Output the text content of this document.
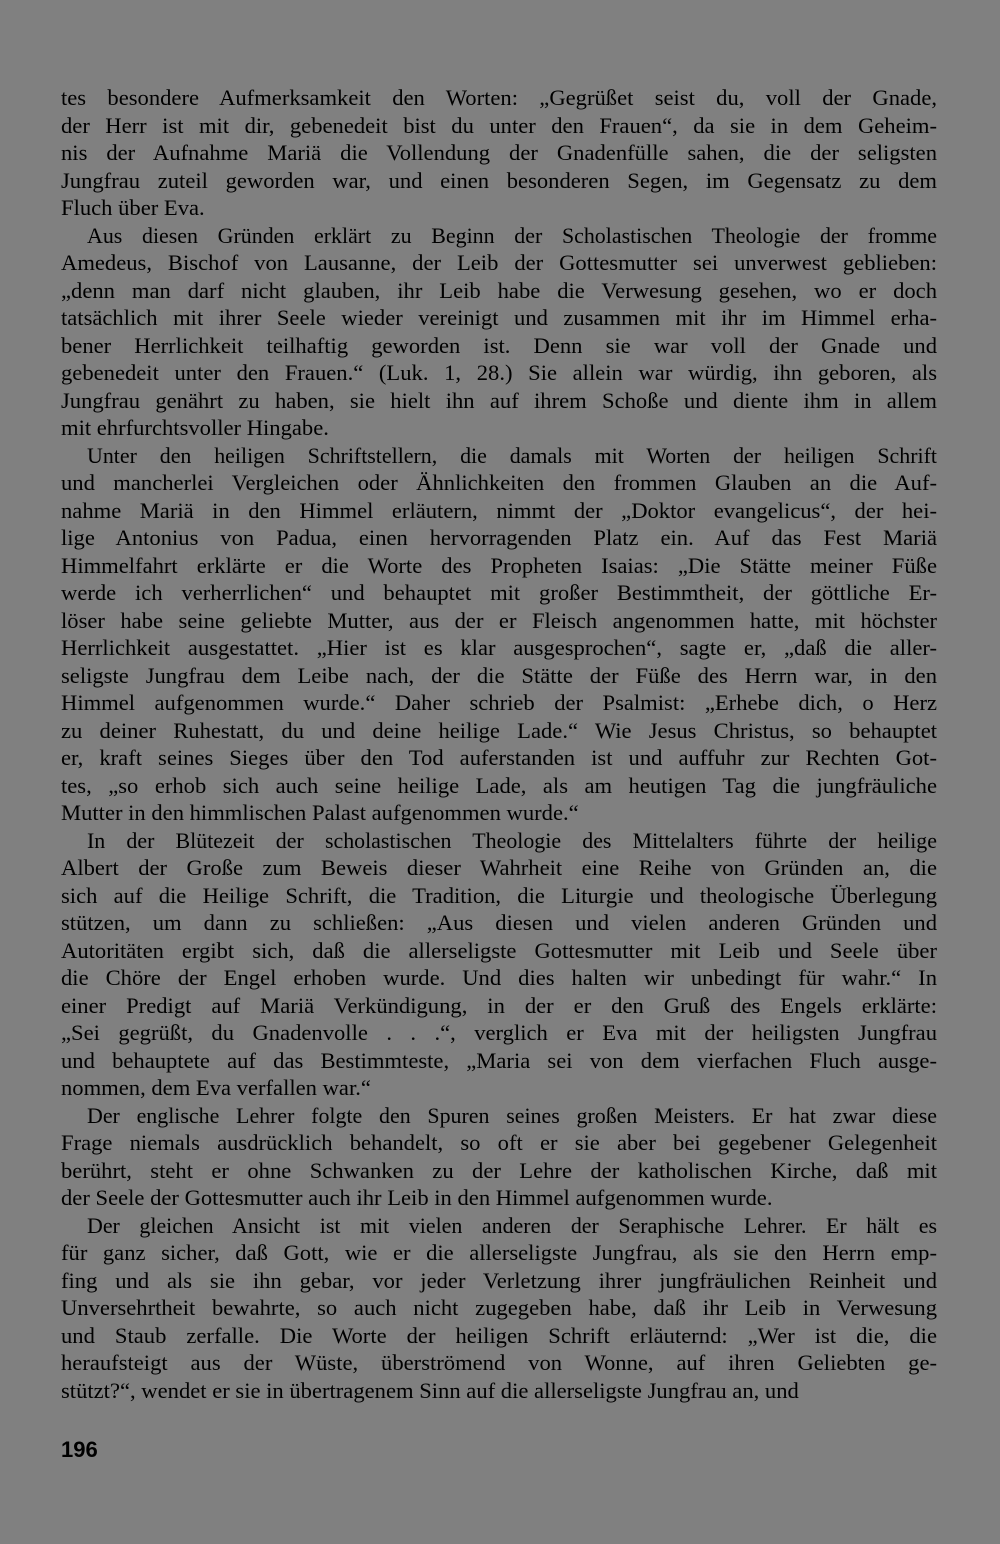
tes besondere Aufmerksamkeit den Worten: „Gegrüßet seist du, voll der Gnade,
der Herr ist mit dir, gebenedeit bist du unter den Frauen“, da sie in dem Geheim-
nis der Aufnahme Mariä die Vollendung der Gnadenfülle sahen, die der seligsten
Jungfrau zuteil geworden war, und einen besonderen Segen, im Gegensatz zu dem
Fluch über Eva.
Aus diesen Gründen erklärt zu Beginn der Scholastischen Theologie der fromme
Amedeus, Bischof von Lausanne, der Leib der Gottesmutter sei unverwest geblieben:
„denn man darf nicht glauben, ihr Leib habe die Verwesung gesehen, wo er doch
tatsächlich mit ihrer Seele wieder vereinigt und zusammen mit ihr im Himmel erha-
bener Herrlichkeit teilhaftig geworden ist. Denn sie war voll der Gnade und
gebenedeit unter den Frauen.“ (Luk. 1, 28.) Sie allein war würdig, ihn geboren, als
Jungfrau genährt zu haben, sie hielt ihn auf ihrem Schoße und diente ihm in allem
mit ehrfurchtsvoller Hingabe.
Unter den heiligen Schriftstellern, die damals mit Worten der heiligen Schrift
und mancherlei Vergleichen oder Ähnlichkeiten den frommen Glauben an die Auf-
nahme Mariä in den Himmel erläutern, nimmt der „Doktor evangelicus“, der hei-
lige Antonius von Padua, einen hervorragenden Platz ein. Auf das Fest Mariä
Himmelfahrt erklärte er die Worte des Propheten Isaias: „Die Stätte meiner Füße
werde ich verherrlichen“ und behauptet mit großer Bestimmtheit, der göttliche Er-
löser habe seine geliebte Mutter, aus der er Fleisch angenommen hatte, mit höchster
Herrlichkeit ausgestattet. „Hier ist es klar ausgesprochen“, sagte er, „daß die aller-
seligste Jungfrau dem Leibe nach, der die Stätte der Füße des Herrn war, in den
Himmel aufgenommen wurde.“ Daher schrieb der Psalmist: „Erhebe dich, o Herz
zu deiner Ruhestatt, du und deine heilige Lade.“ Wie Jesus Christus, so behauptet
er, kraft seines Sieges über den Tod auferstanden ist und auffuhr zur Rechten Got-
tes, „so erhob sich auch seine heilige Lade, als am heutigen Tag die jungfräuliche
Mutter in den himmlischen Palast aufgenommen wurde.“
In der Blütezeit der scholastischen Theologie des Mittelalters führte der heilige
Albert der Große zum Beweis dieser Wahrheit eine Reihe von Gründen an, die
sich auf die Heilige Schrift, die Tradition, die Liturgie und theologische Überlegung
stützen, um dann zu schließen: „Aus diesen und vielen anderen Gründen und
Autoritäten ergibt sich, daß die allerseligste Gottesmutter mit Leib und Seele über
die Chöre der Engel erhoben wurde. Und dies halten wir unbedingt für wahr.“ In
einer Predigt auf Mariä Verkündigung, in der er den Gruß des Engels erklärte:
„Sei gegrüßt, du Gnadenvolle . . .“, verglich er Eva mit der heiligsten Jungfrau
und behauptete auf das Bestimmteste, „Maria sei von dem vierfachen Fluch ausge-
nommen, dem Eva verfallen war.“
Der englische Lehrer folgte den Spuren seines großen Meisters. Er hat zwar diese
Frage niemals ausdrücklich behandelt, so oft er sie aber bei gegebener Gelegenheit
berührt, steht er ohne Schwanken zu der Lehre der katholischen Kirche, daß mit
der Seele der Gottesmutter auch ihr Leib in den Himmel aufgenommen wurde.
Der gleichen Ansicht ist mit vielen anderen der Seraphische Lehrer. Er hält es
für ganz sicher, daß Gott, wie er die allerseligste Jungfrau, als sie den Herrn emp-
fing und als sie ihn gebar, vor jeder Verletzung ihrer jungfräulichen Reinheit und
Unversehrtheit bewahrte, so auch nicht zugegeben habe, daß ihr Leib in Verwesung
und Staub zerfalle. Die Worte der heiligen Schrift erläuternd: „Wer ist die, die
heraufsteigt aus der Wüste, überströmend von Wonne, auf ihren Geliebten ge-
stützt?“, wendet er sie in übertragenem Sinn auf die allerseligste Jungfrau an, und
196
